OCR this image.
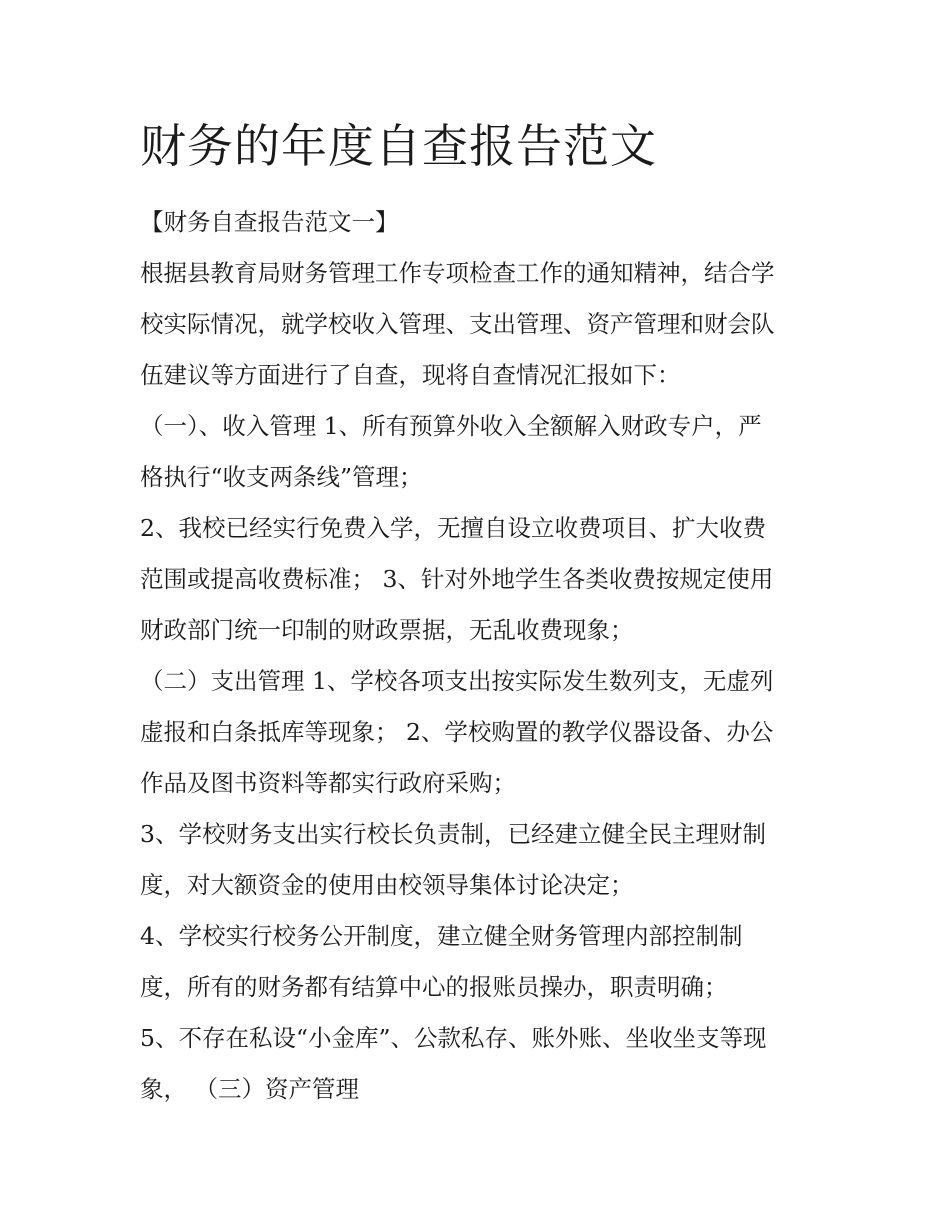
财务的年度自查报告范文
【财务自查报告范文一】
根据县教育局财务管理工作专项检查工作的通知精神，结合学
校实际情况，就学校收入管理、支出管理、资产管理和财会队
伍建议等方面进行了自查，现将自查情况汇报如下：
（一）、收入管理 1、所有预算外收入全额解入财政专户，严
格执行“收支两条线”管理；
2、我校已经实行免费入学，无擅自设立收费项目、扩大收费
范围或提高收费标准； 3、针对外地学生各类收费按规定使用
财政部门统一印制的财政票据，无乱收费现象；
（二）支出管理 1、学校各项支出按实际发生数列支，无虚列
虚报和白条抵库等现象； 2、学校购置的教学仪器设备、办公
作品及图书资料等都实行政府采购；
3、学校财务支出实行校长负责制，已经建立健全民主理财制
度，对大额资金的使用由校领导集体讨论决定；
4、学校实行校务公开制度，建立健全财务管理内部控制制
度，所有的财务都有结算中心的报账员操办，职责明确；
5、不存在私设“小金库”、公款私存、账外账、坐收坐支等现
象， （三）资产管理
